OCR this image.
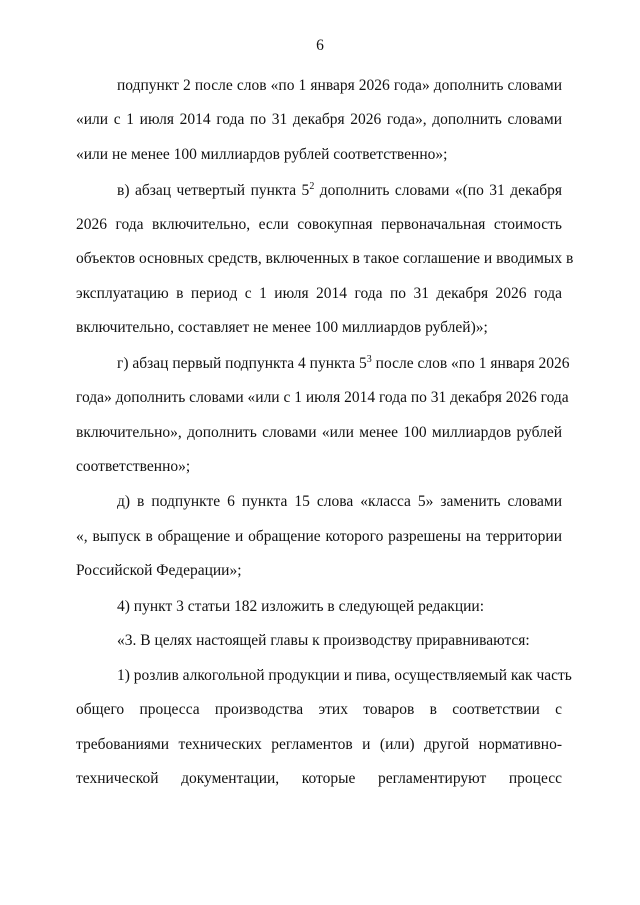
6
подпункт 2 после слов «по 1 января 2026 года» дополнить словами
«или с 1 июля 2014 года по 31 декабря 2026 года», дополнить словами
«или не менее 100 миллиардов рублей соответственно»;
в) абзац четвертый пункта $5^2$ дополнить словами «(по 31 декабря
2026 года включительно, если совокупная первоначальная стоимость
объектов основных средств, включенных в такое соглашение и вводимых в
эксплуатацию в период с 1 июля 2014 года по 31 декабря 2026 года
включительно, составляет не менее 100 миллиардов рублей)»;
г) абзац первый подпункта 4 пункта $5^3$ после слов «по 1 января 2026
года» дополнить словами «или с 1 июля 2014 года по 31 декабря 2026 года
включительно», дополнить словами «или менее 100 миллиардов рублей
соответственно»;
д) в подпункте 6 пункта 15 слова «класса 5» заменить словами
«, выпуск в обращение и обращение которого разрешены на территории
Российской Федерации»;
4) пункт 3 статьи 182 изложить в следующей редакции:
«3. В целях настоящей главы к производству приравниваются:
1) розлив алкогольной продукции и пива, осуществляемый как часть
общего процесса производства этих товаров в соответствии с
требованиями технических регламентов и (или) другой нормативно-
технической документации, которые регламентируют процесс
